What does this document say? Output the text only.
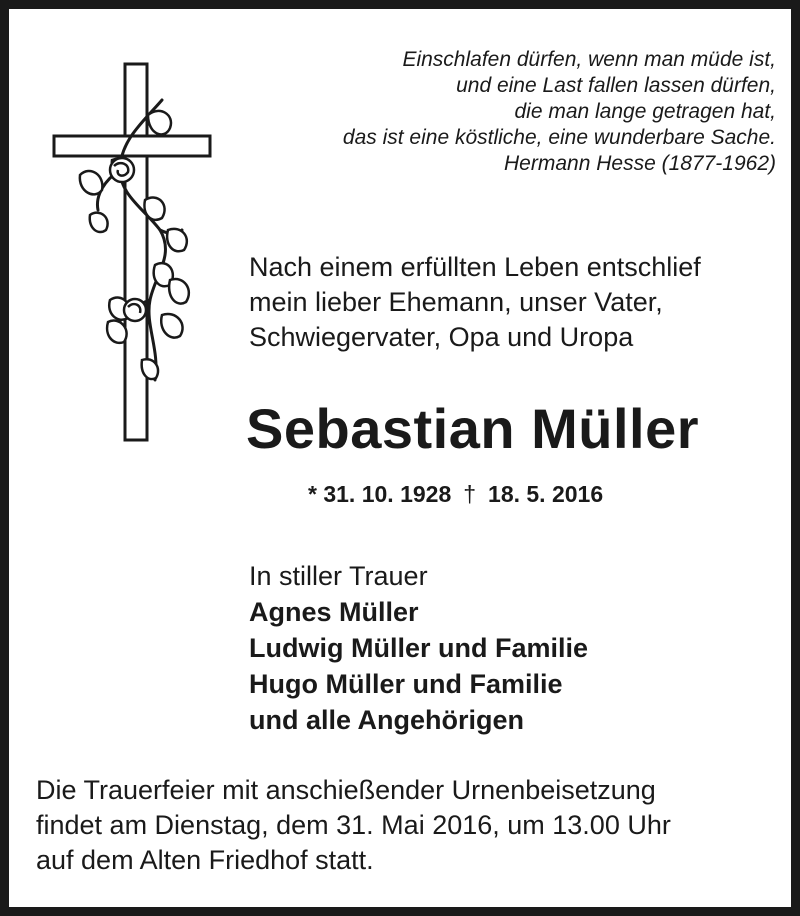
Einschlafen dürfen, wenn man müde ist,
und eine Last fallen lassen dürfen,
die man lange getragen hat,
das ist eine köstliche, eine wunderbare Sache.
Hermann Hesse (1877-1962)
Nach einem erfüllten Leben entschlief
mein lieber Ehemann, unser Vater,
Schwiegervater, Opa und Uropa
Sebastian Müller
* 31. 10. 1928 † 18. 5. 2016
In stiller Trauer
Agnes Müller
Ludwig Müller und Familie
Hugo Müller und Familie
und alle Angehörigen
Die Trauerfeier mit anschießender Urnenbeisetzung
findet am Dienstag, dem 31. Mai 2016, um 13.00 Uhr
auf dem Alten Friedhof statt.
